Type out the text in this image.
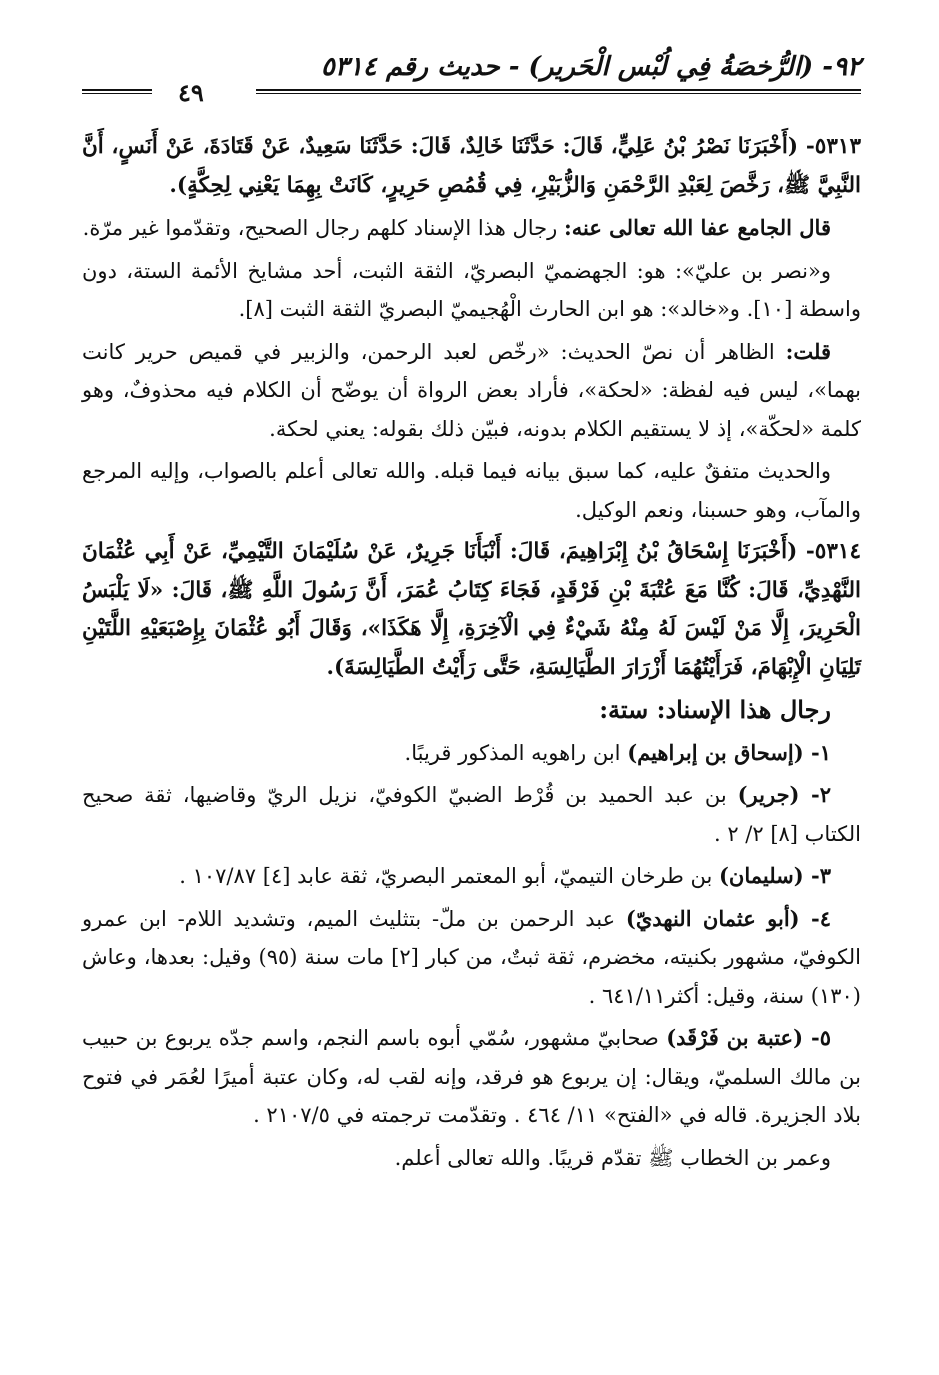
٩٢- (الرُّخصَةُ فِي لُبْس الْحَرير) - حديث رقم ٥٣١٤
٤٩

٥٣١٣- (أَخْبَرَنَا نَصْرُ بْنُ عَلِيٍّ، قَالَ: حَدَّثَنَا خَالِدٌ، قَالَ: حَدَّثَنَا سَعِيدٌ، عَنْ قَتَادَةَ، عَنْ أَنَسٍ، أَنَّ النَّبِيَّ ﷺ، رَخَّصَ لِعَبْدِ الرَّحْمَنِ وَالزُّبَيْرِ، فِي قُمُصِ حَرِيرٍ، كَانَتْ بِهِمَا يَعْنِي لِحِكَّةٍ).

قال الجامع عفا الله تعالى عنه: رجال هذا الإسناد كلهم رجال الصحيح، وتقدّموا غير مرّة.

و«نصر بن عليّ»: هو: الجهضميّ البصريّ، الثقة الثبت، أحد مشايخ الأئمة الستة، دون واسطة [١٠]. و«خالد»: هو ابن الحارث الْهُجيميّ البصريّ الثقة الثبت [٨].

قلت: الظاهر أن نصّ الحديث: «رخّص لعبد الرحمن، والزبير في قميص حرير كانت بهما»، ليس فيه لفظة: «لحكة»، فأراد بعض الرواة أن يوضّح أن الكلام فيه محذوفٌ، وهو كلمة «لحكّة»، إذ لا يستقيم الكلام بدونه، فبيّن ذلك بقوله: يعني لحكة.

والحديث متفقٌ عليه، كما سبق بيانه فيما قبله. والله تعالى أعلم بالصواب، وإليه المرجع والمآب، وهو حسبنا، ونعم الوكيل.

٥٣١٤- (أَخْبَرَنَا إِسْحَاقُ بْنُ إِبْرَاهِيمَ، قَالَ: أَنْبَأَنَا جَرِيرٌ، عَنْ سُلَيْمَانَ التَّيْمِيِّ، عَنْ أَبِي عُثْمَانَ النَّهْدِيِّ، قَالَ: كُنَّا مَعَ عُتْبَةَ بْنِ فَرْقَدٍ، فَجَاءَ كِتَابُ عُمَرَ، أَنَّ رَسُولَ اللَّهِ ﷺ، قَالَ: «لَا يَلْبَسُ الْحَرِيرَ، إِلَّا مَنْ لَيْسَ لَهُ مِنْهُ شَيْءٌ فِي الْآخِرَةِ، إِلَّا هَكَذَا»، وَقَالَ أَبُو عُثْمَانَ بِإِصْبَعَيْهِ اللَّتَيْنِ تَلِيَانِ الْإِبْهَامَ، فَرَأَيْتُهُمَا أَزْرَارَ الطَّيَالِسَةِ، حَتَّى رَأَيْتُ الطَّيَالِسَةَ).

رجال هذا الإسناد: ستة:

١- (إسحاق بن إبراهيم) ابن راهويه المذكور قريبًا.

٢- (جرير) بن عبد الحميد بن قُرْط الضبيّ الكوفيّ، نزيل الريّ وقاضيها، ثقة صحيح الكتاب [٨] ٢/ ٢ .

٣- (سليمان) بن طرخان التيميّ، أبو المعتمر البصريّ، ثقة عابد [٤] ١٠٧/٨٧ .

٤- (أبو عثمان النهديّ) عبد الرحمن بن ملّ- بتثليث الميم، وتشديد اللام- ابن عمرو الكوفيّ، مشهور بكنيته، مخضرم، ثقة ثبتٌ، من كبار [٢] مات سنة (٩٥) وقيل: بعدها، وعاش (١٣٠) سنة، وقيل: أكثر٦٤١/١١ .

٥- (عتبة بن فَرْقَد) صحابيّ مشهور، سُمّي أبوه باسم النجم، واسم جدّه يربوع بن حبيب بن مالك السلميّ، ويقال: إن يربوع هو فرقد، وإنه لقب له، وكان عتبة أميرًا لعُمَر في فتوح بلاد الجزيرة. قاله في «الفتح» ١١/ ٤٦٤ . وتقدّمت ترجمته في ٢١٠٧/٥ .

وعمر بن الخطاب ﷺ تقدّم قريبًا. والله تعالى أعلم.
